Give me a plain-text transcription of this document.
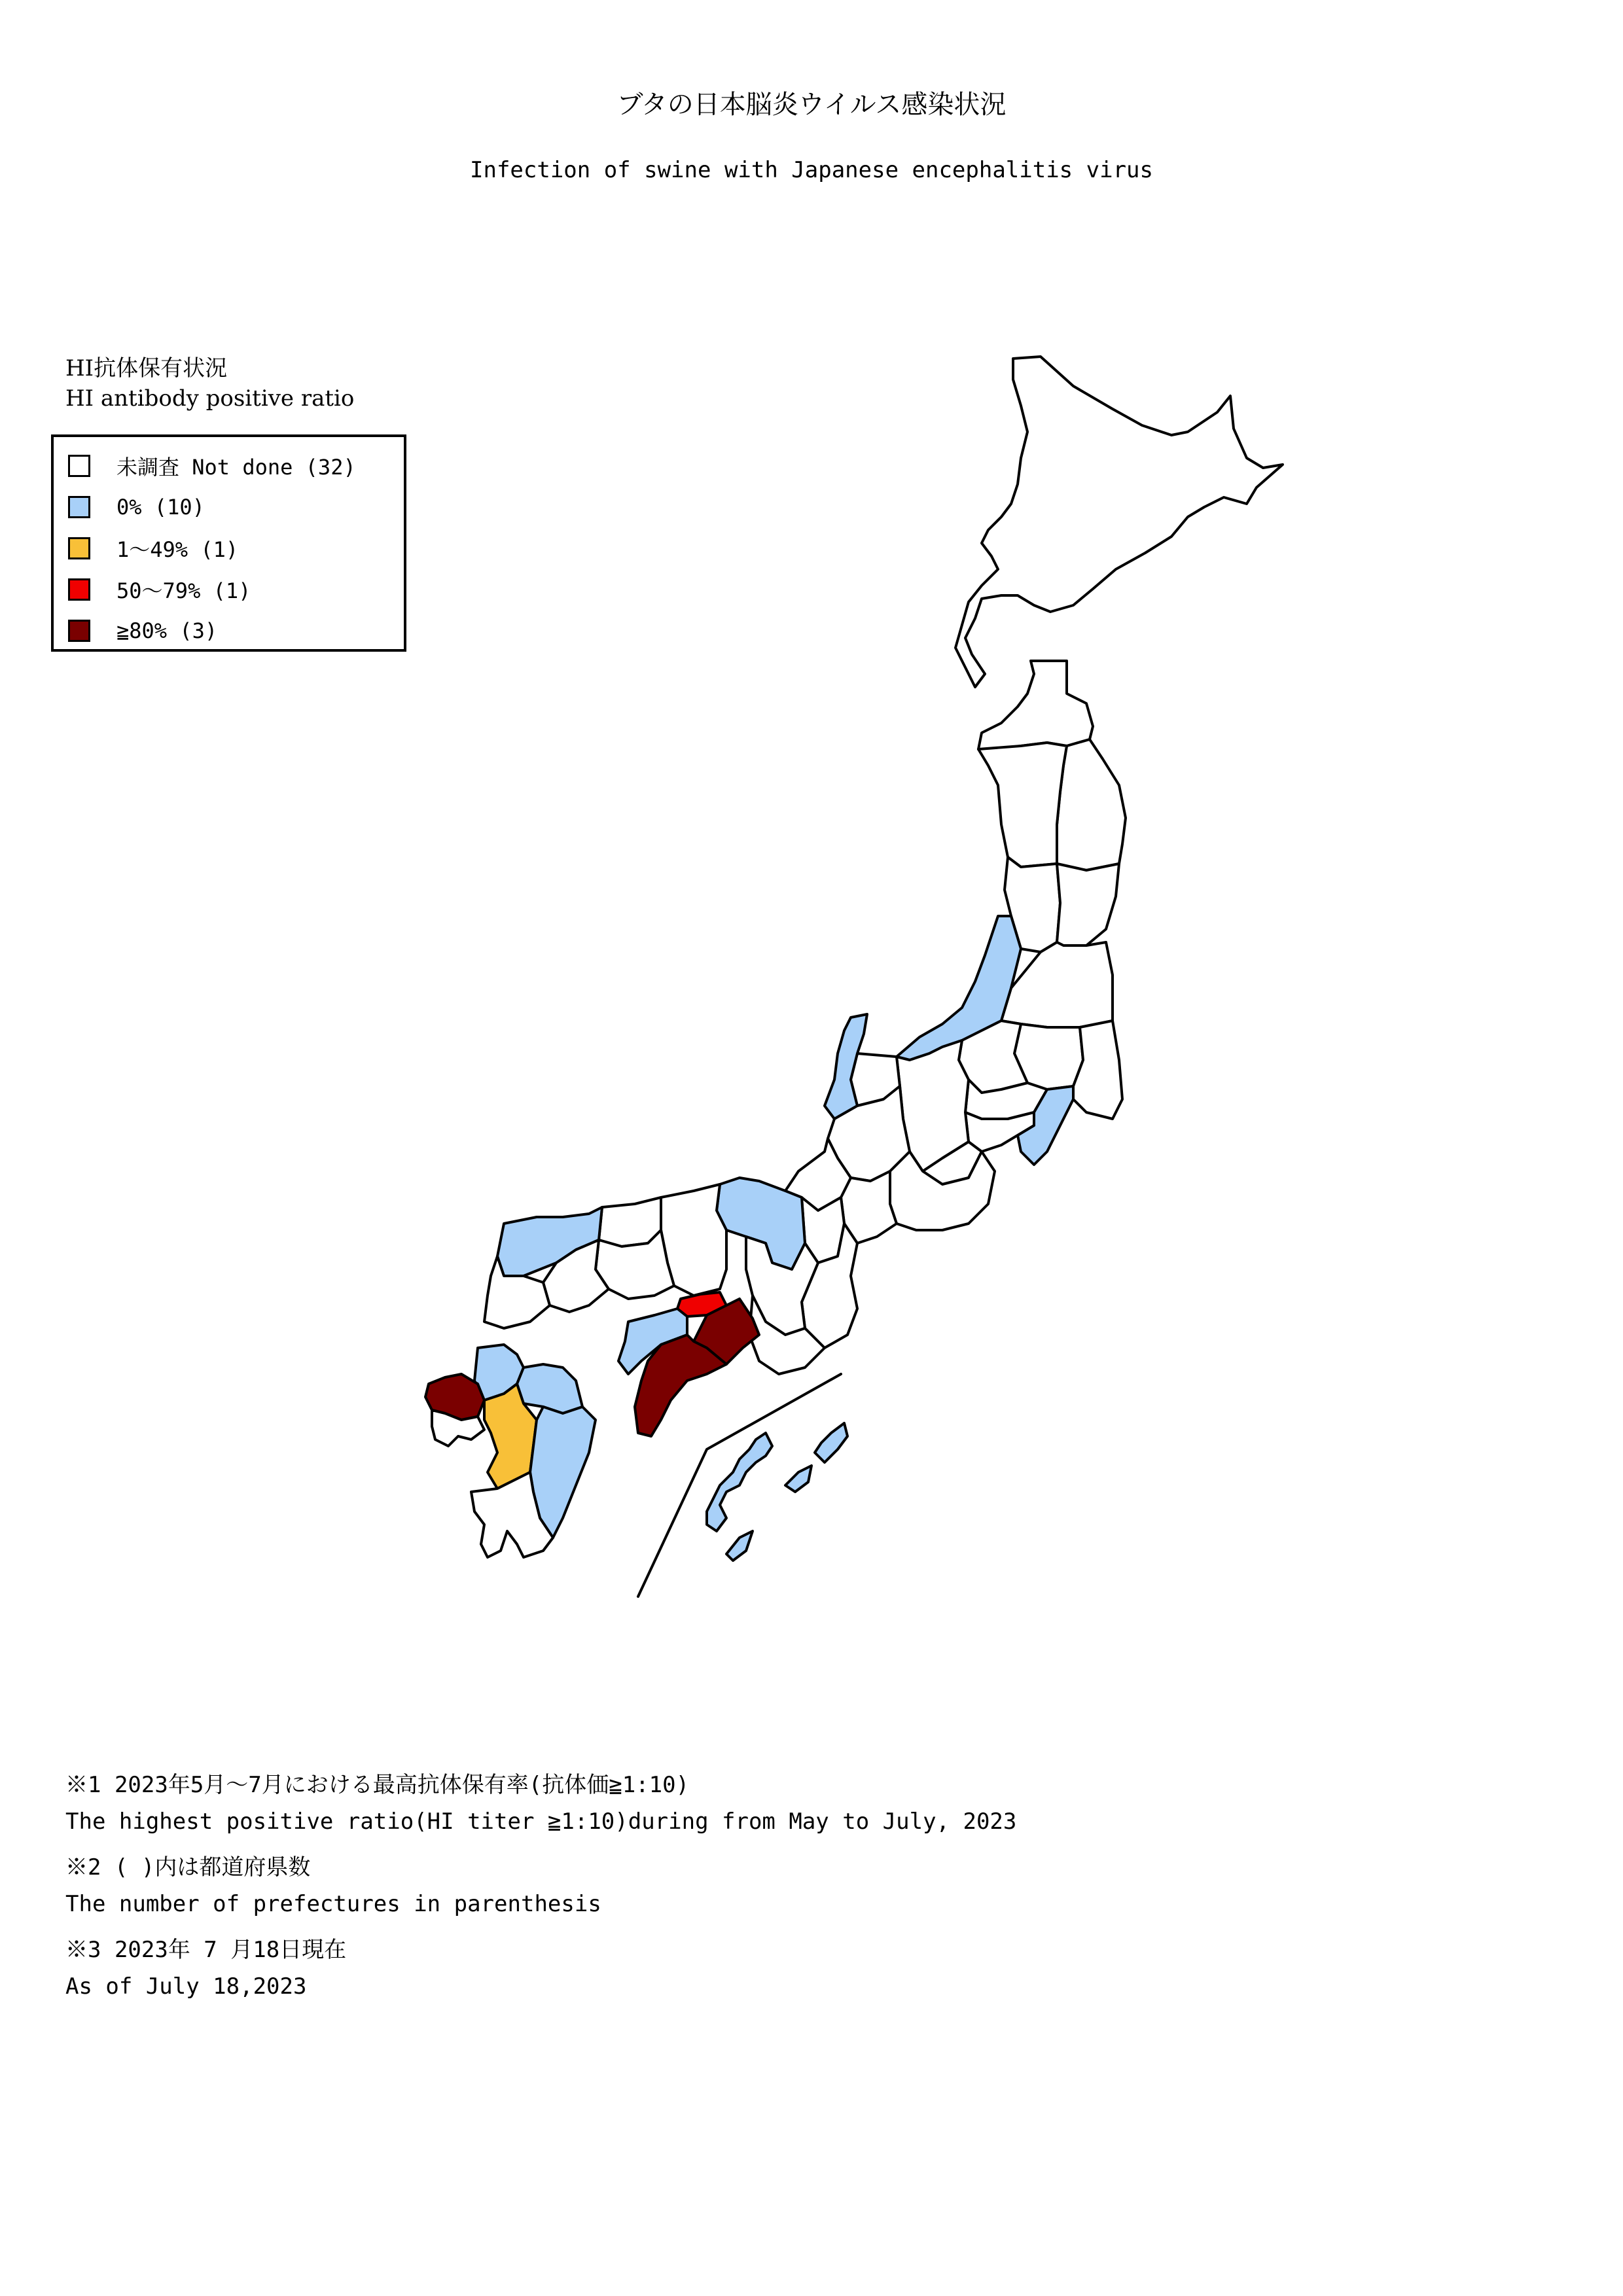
ブタの日本脳炎ウイルス感染状況
Infection of swine with Japanese encephalitis virus
HI抗体保有状況
HI antibody positive ratio
未調査 Not done (32)
0% (10)
1～49% (1)
50～79% (1)
≧80% (3)
※1 2023年5月～7月における最高抗体保有率(抗体価≧1:10)
The highest positive ratio(HI titer ≧1:10)during from May to July, 2023
※2 ( )内は都道府県数
The number of prefectures in parenthesis
※3 2023年 7 月18日現在
As of July 18,2023
